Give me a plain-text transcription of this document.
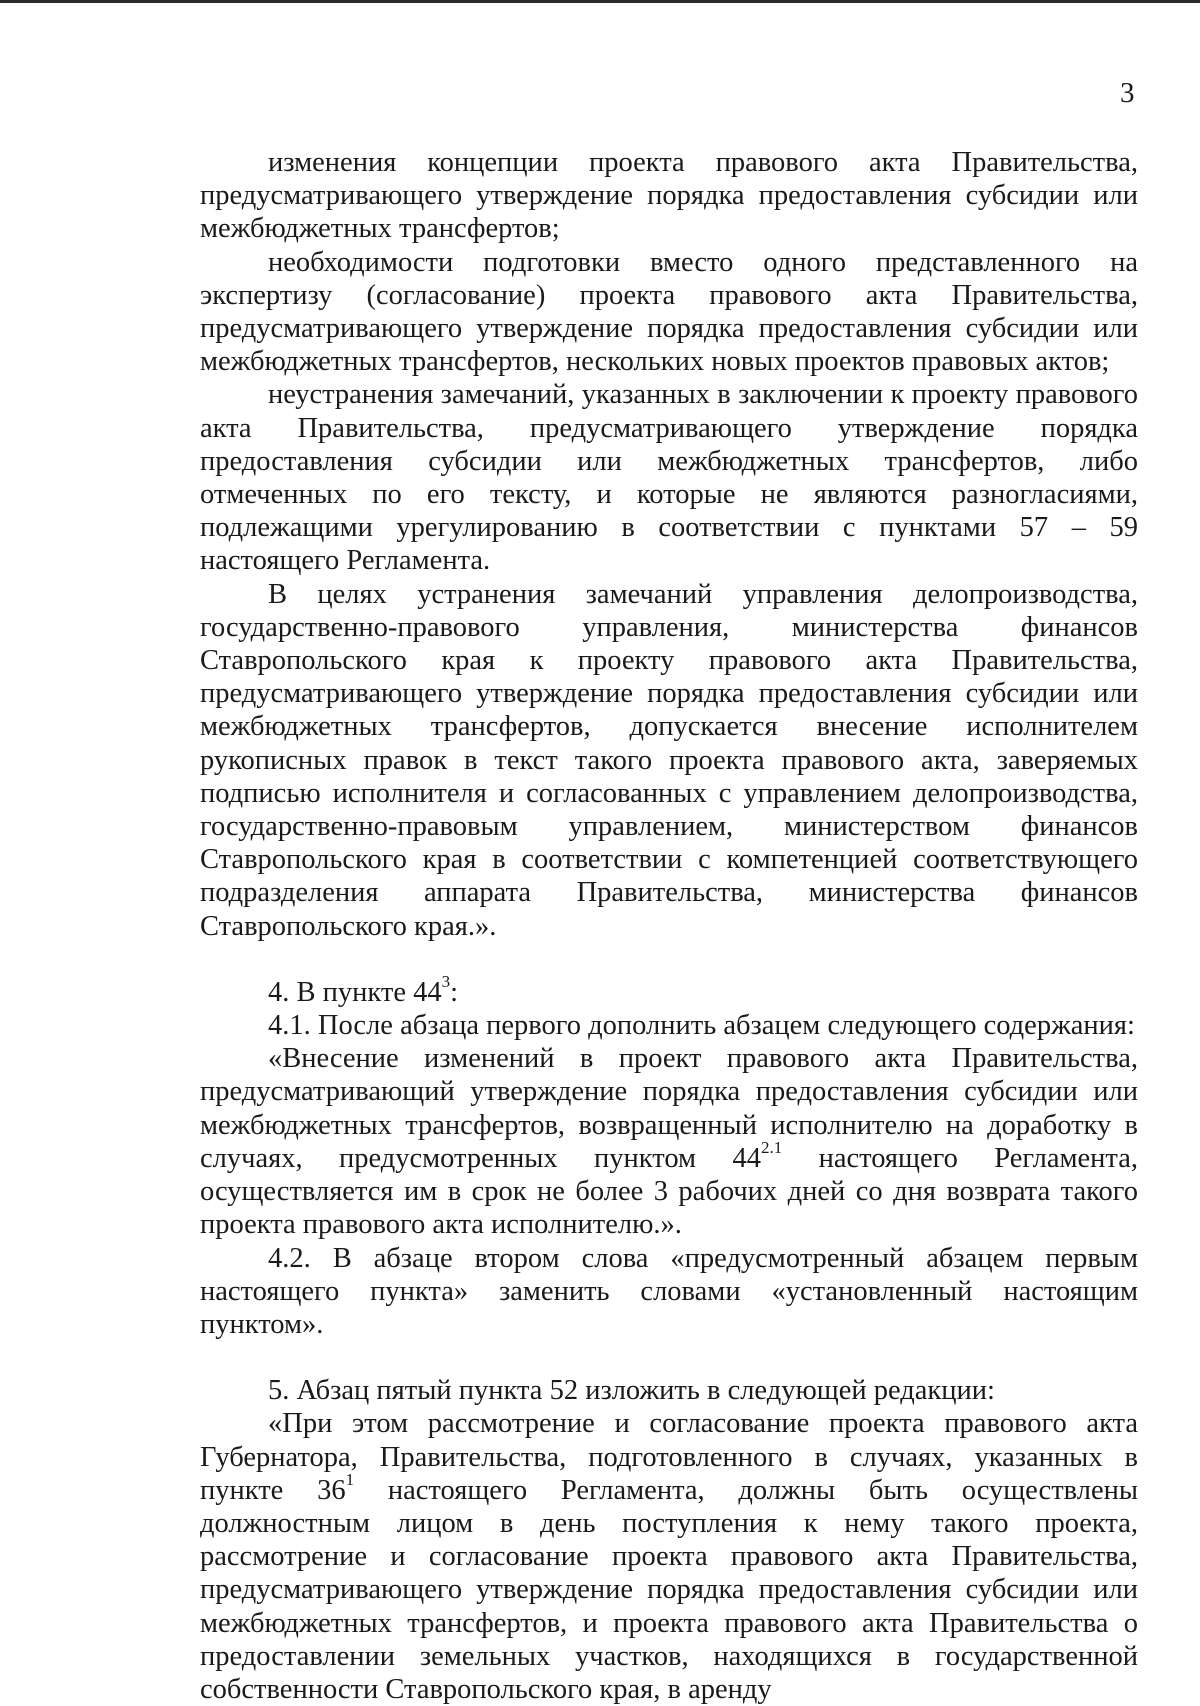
3

изменения концепции проекта правового акта Правительства, предусматривающего утверждение порядка предоставления субсидии или межбюджетных трансфертов;

необходимости подготовки вместо одного представленного на экспертизу (согласование) проекта правового акта Правительства, предусматривающего утверждение порядка предоставления субсидии или межбюджетных трансфертов, нескольких новых проектов правовых актов;

неустранения замечаний, указанных в заключении к проекту правового акта Правительства, предусматривающего утверждение порядка предоставления субсидии или межбюджетных трансфертов, либо отмеченных по его тексту, и которые не являются разногласиями, подлежащими урегулированию в соответствии с пунктами 57 – 59 настоящего Регламента.

В целях устранения замечаний управления делопроизводства, государственно-правового управления, министерства финансов Ставропольского края к проекту правового акта Правительства, предусматривающего утверждение порядка предоставления субсидии или межбюджетных трансфертов, допускается внесение исполнителем рукописных правок в текст такого проекта правового акта, заверяемых подписью исполнителя и согласованных с управлением делопроизводства, государственно-правовым управлением, министерством финансов Ставропольского края в соответствии с компетенцией соответствующего подразделения аппарата Правительства, министерства финансов Ставропольского края.».

4. В пункте $44^3$:

4.1. После абзаца первого дополнить абзацем следующего содержания:

«Внесение изменений в проект правового акта Правительства, предусматривающий утверждение порядка предоставления субсидии или межбюджетных трансфертов, возвращенный исполнителю на доработку в случаях, предусмотренных пунктом $44^{2.1}$ настоящего Регламента, осуществляется им в срок не более 3 рабочих дней со дня возврата такого проекта правового акта исполнителю.».

4.2. В абзаце втором слова «предусмотренный абзацем первым настоящего пункта» заменить словами «установленный настоящим пунктом».

5. Абзац пятый пункта 52 изложить в следующей редакции:

«При этом рассмотрение и согласование проекта правового акта Губернатора, Правительства, подготовленного в случаях, указанных в пункте $36^1$ настоящего Регламента, должны быть осуществлены должностным лицом в день поступления к нему такого проекта, рассмотрение и согласование проекта правового акта Правительства, предусматривающего утверждение порядка предоставления субсидии или межбюджетных трансфертов, и проекта правового акта Правительства о предоставлении земельных участков, находящихся в государственной собственности Ставропольского края, в аренду
